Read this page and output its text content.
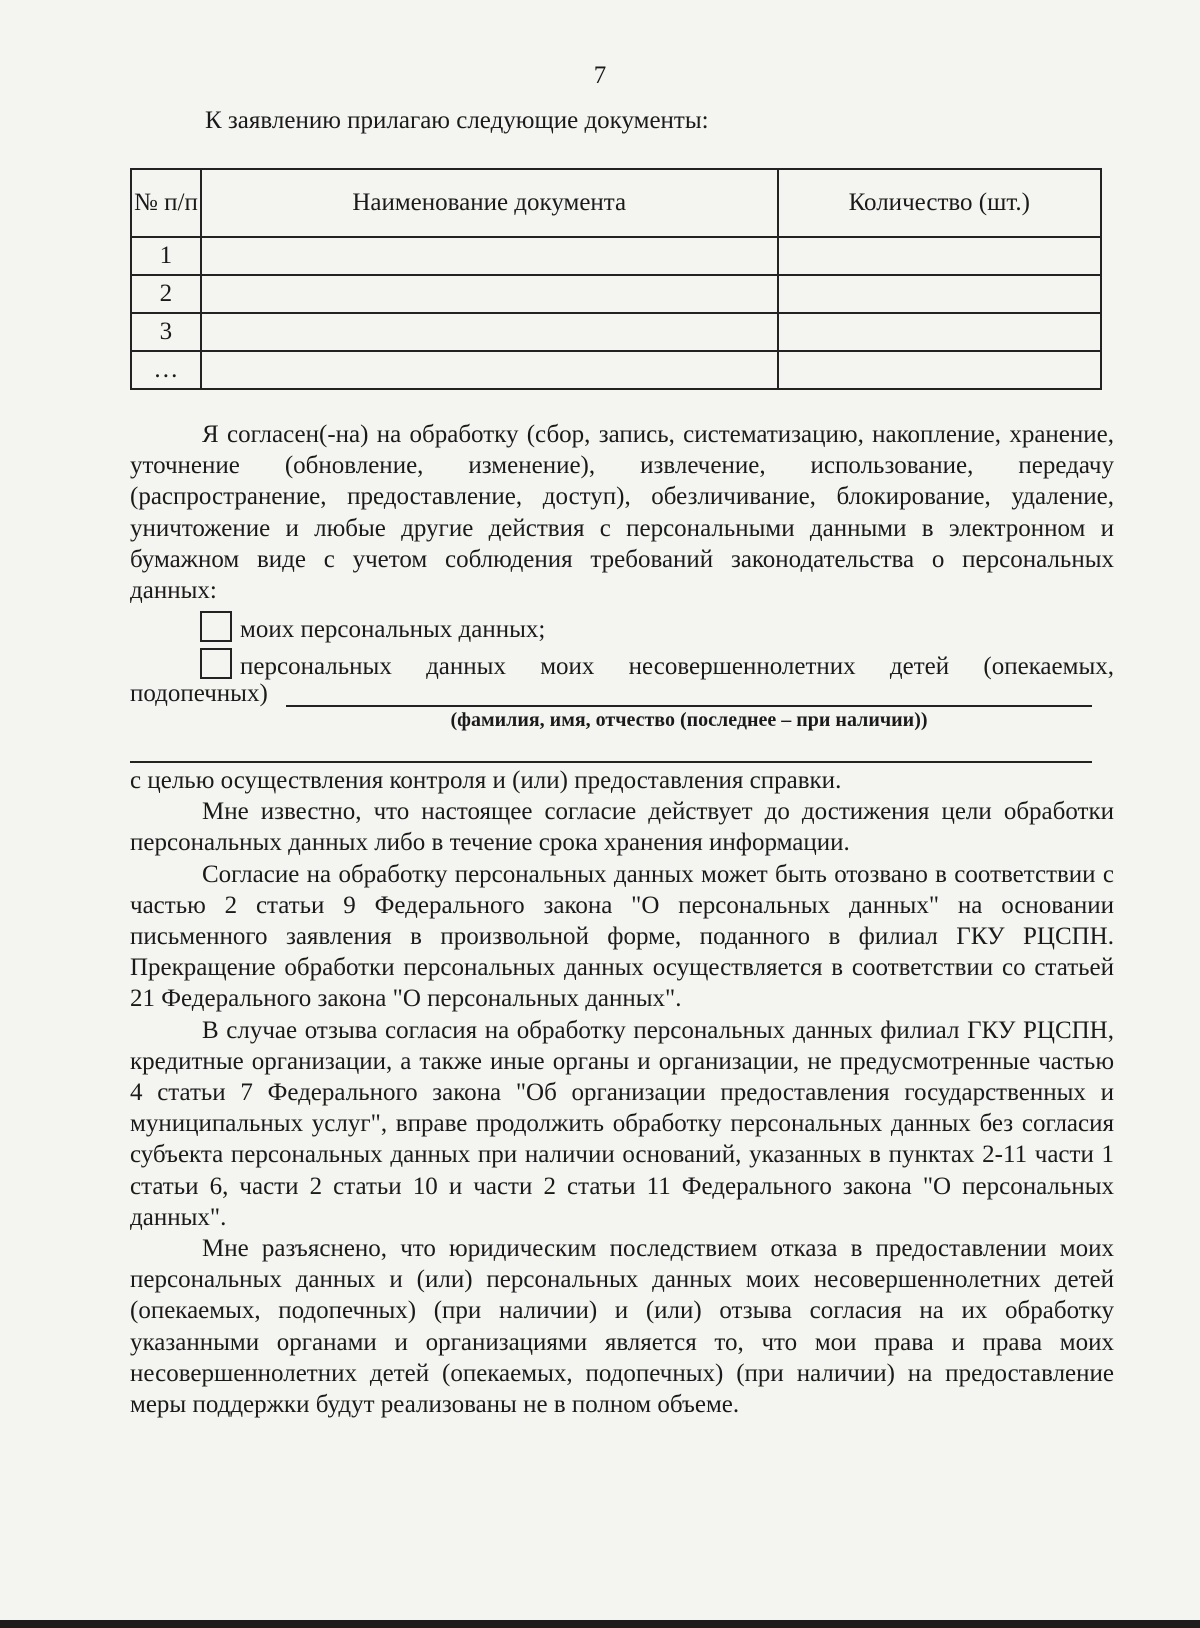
7
К заявлению прилагаю следующие документы:
№ п/п	Наименование документа	Количество (шт.)
1		
2		
3		
…		

Я согласен(-на) на обработку (сбор, запись, систематизацию, накопление, хранение, уточнение (обновление, изменение), извлечение, использование, передачу (распространение, предоставление, доступ), обезличивание, блокирование, удаление, уничтожение и любые другие действия с персональными данными в электронном и бумажном виде с учетом соблюдения требований законодательства о персональных данных:

моих персональных данных;
персональных данных моих несовершеннолетних детей (опекаемых,
подопечных)
(фамилия, имя, отчество (последнее – при наличии))

с целью осуществления контроля и (или) предоставления справки.

Мне известно, что настоящее согласие действует до достижения цели обработки персональных данных либо в течение срока хранения информации.

Согласие на обработку персональных данных может быть отозвано в соответствии с частью 2 статьи 9 Федерального закона "О персональных данных" на основании письменного заявления в произвольной форме, поданного в филиал ГКУ РЦСПН. Прекращение обработки персональных данных осуществляется в соответствии со статьей 21 Федерального закона "О персональных данных".

В случае отзыва согласия на обработку персональных данных филиал ГКУ РЦСПН, кредитные организации, а также иные органы и организации, не предусмотренные частью 4 статьи 7 Федерального закона "Об организации предоставления государственных и муниципальных услуг", вправе продолжить обработку персональных данных без согласия субъекта персональных данных при наличии оснований, указанных в пунктах 2-11 части 1 статьи 6, части 2 статьи 10 и части 2 статьи 11 Федерального закона "О персональных данных".

Мне разъяснено, что юридическим последствием отказа в предоставлении моих персональных данных и (или) персональных данных моих несовершеннолетних детей (опекаемых, подопечных) (при наличии) и (или) отзыва согласия на их обработку указанными органами и организациями является то, что мои права и права моих несовершеннолетних детей (опекаемых, подопечных) (при наличии) на предоставление меры поддержки будут реализованы не в полном объеме.
